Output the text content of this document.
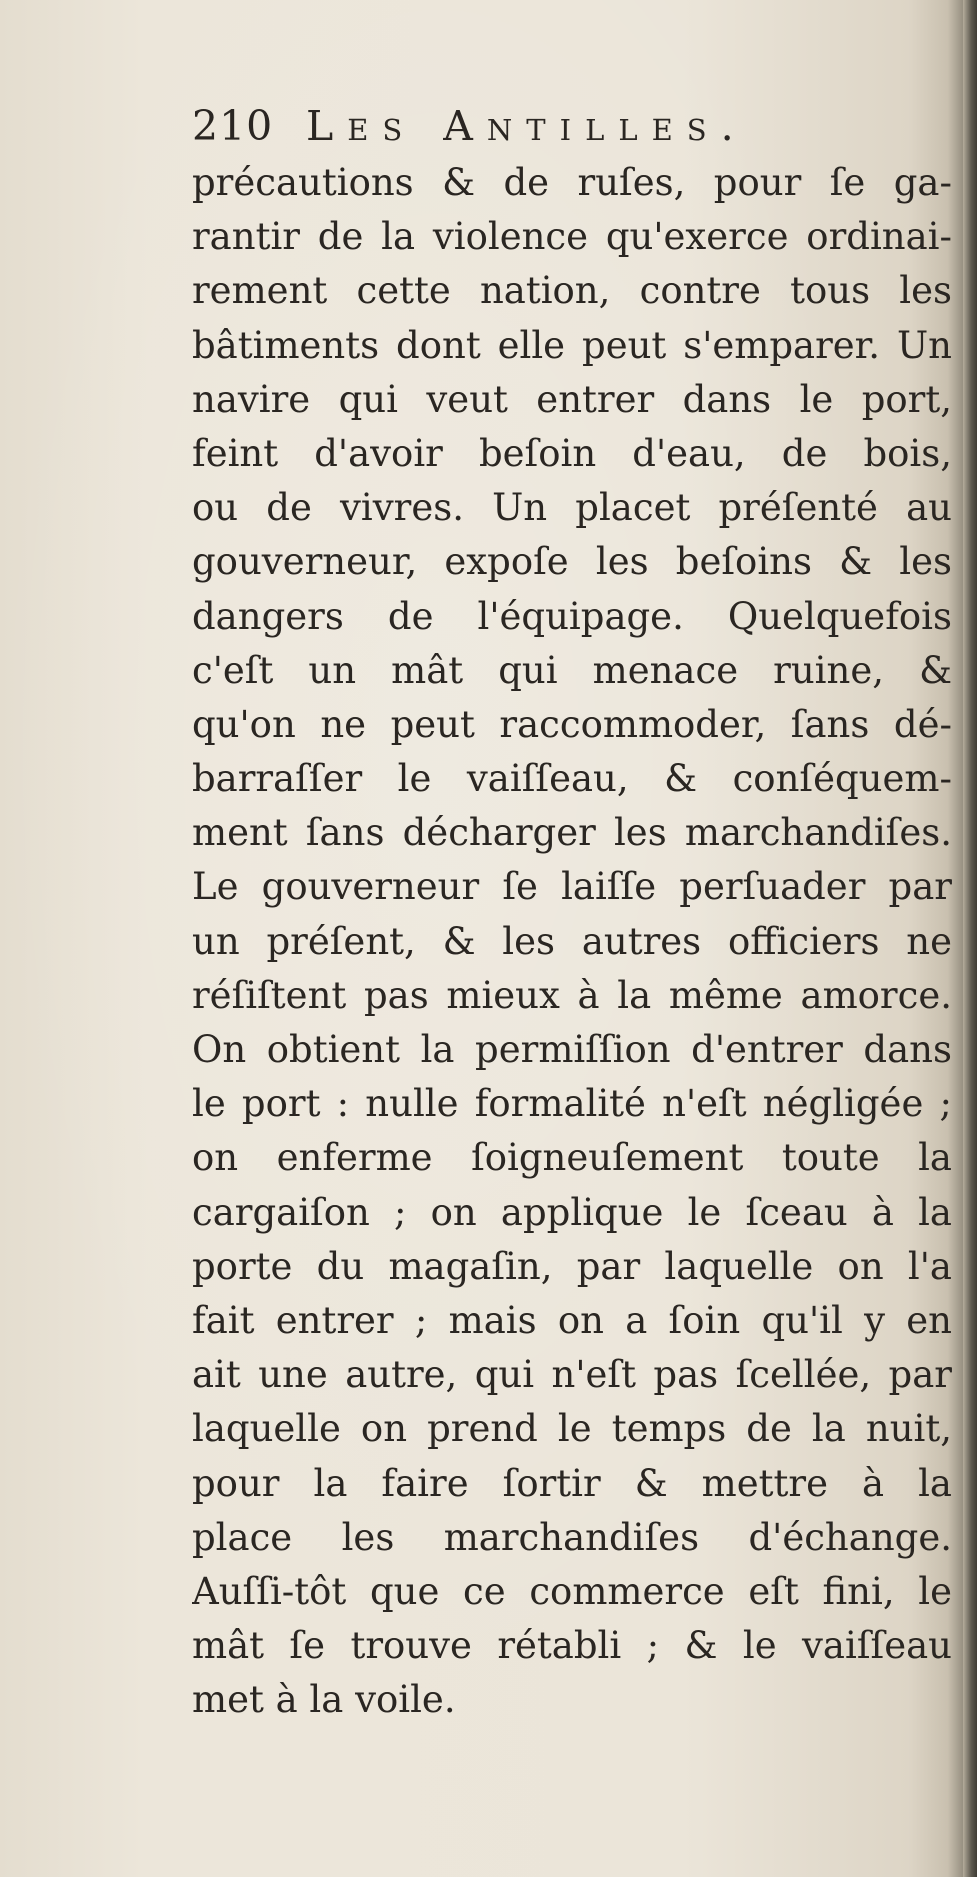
210 Les Antilles.
précautions & de ruſes, pour ſe ga-
rantir de la violence qu'exerce ordinai-
rement cette nation, contre tous les
bâtiments dont elle peut s'emparer. Un
navire qui veut entrer dans le port,
feint d'avoir beſoin d'eau, de bois,
ou de vivres. Un placet préſenté au
gouverneur, expoſe les beſoins & les
dangers de l'équipage. Quelquefois
c'eſt un mât qui menace ruine, &
qu'on ne peut raccommoder, ſans dé-
barraſſer le vaiſſeau, & conſéquem-
ment ſans décharger les marchandiſes.
Le gouverneur ſe laiſſe perſuader par
un préſent, & les autres officiers ne
réſiſtent pas mieux à la même amorce.
On obtient la permiſſion d'entrer dans
le port : nulle formalité n'eſt négligée ;
on enferme ſoigneuſement toute la
cargaiſon ; on applique le ſceau à la
porte du magaſin, par laquelle on l'a
fait entrer ; mais on a ſoin qu'il y en
ait une autre, qui n'eſt pas ſcellée, par
laquelle on prend le temps de la nuit,
pour la faire ſortir & mettre à la
place les marchandiſes d'échange.
Auſſi-tôt que ce commerce eſt fini, le
mât ſe trouve rétabli ; & le vaiſſeau
met à la voile.
